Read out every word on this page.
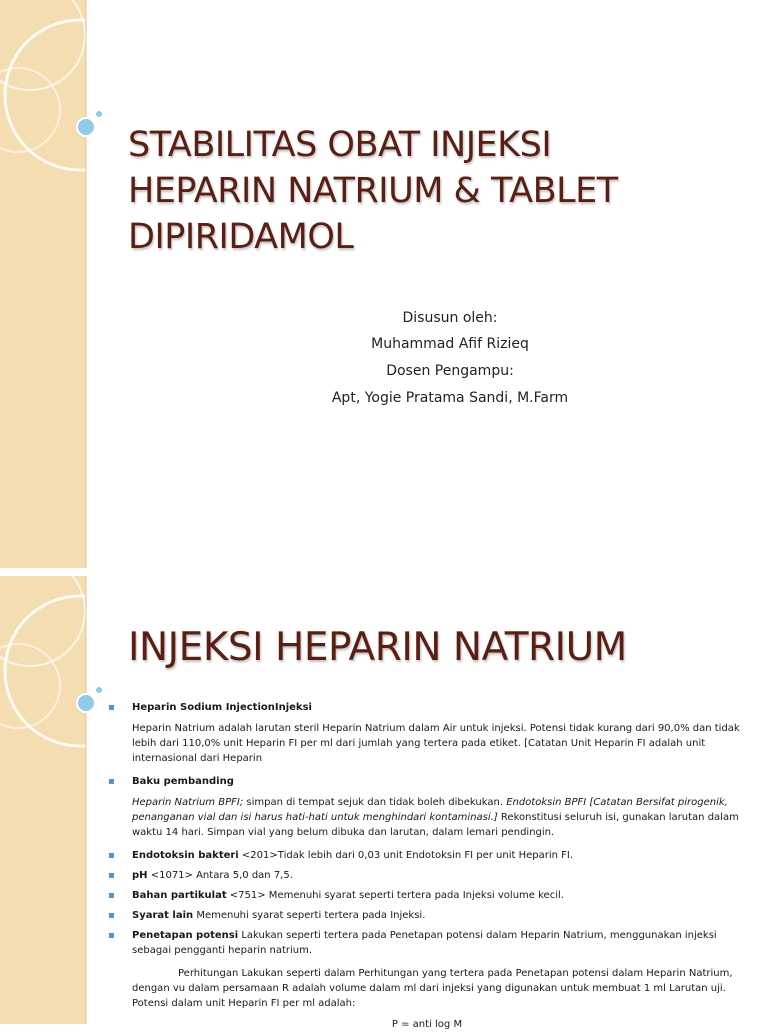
STABILITAS OBAT INJEKSI
HEPARIN NATRIUM & TABLET
DIPIRIDAMOL
Disusun oleh:
Muhammad Afif Rizieq
Dosen Pengampu:
Apt, Yogie Pratama Sandi, M.Farm
INJEKSI HEPARIN NATRIUM
▪ Heparin Sodium InjectionInjeksi
Heparin Natrium adalah larutan steril Heparin Natrium dalam Air untuk injeksi. Potensi tidak kurang dari 90,0% dan tidak lebih dari 110,0% unit Heparin FI per ml dari jumlah yang tertera pada etiket. [Catatan Unit Heparin FI adalah unit internasional dari Heparin
▪ Baku pembanding
Heparin Natrium BPFI; simpan di tempat sejuk dan tidak boleh dibekukan. Endotoksin BPFI [Catatan Bersifat pirogenik, penanganan vial dan isi harus hati-hati untuk menghindari kontaminasi.] Rekonstitusi seluruh isi, gunakan larutan dalam waktu 14 hari. Simpan vial yang belum dibuka dan larutan, dalam lemari pendingin.
▪ Endotoksin bakteri <201>Tidak lebih dari 0,03 unit Endotoksin FI per unit Heparin FI.
▪ pH <1071> Antara 5,0 dan 7,5.
▪ Bahan partikulat <751> Memenuhi syarat seperti tertera pada Injeksi volume kecil.
▪ Syarat lain Memenuhi syarat seperti tertera pada Injeksi.
▪ Penetapan potensi Lakukan seperti tertera pada Penetapan potensi dalam Heparin Natrium, menggunakan injeksi sebagai pengganti heparin natrium.
Perhitungan Lakukan seperti dalam Perhitungan yang tertera pada Penetapan potensi dalam Heparin Natrium, dengan vu dalam persamaan R adalah volume dalam ml dari injeksi yang digunakan untuk membuat 1 ml Larutan uji. Potensi dalam unit Heparin FI per ml adalah:
P = anti log M
